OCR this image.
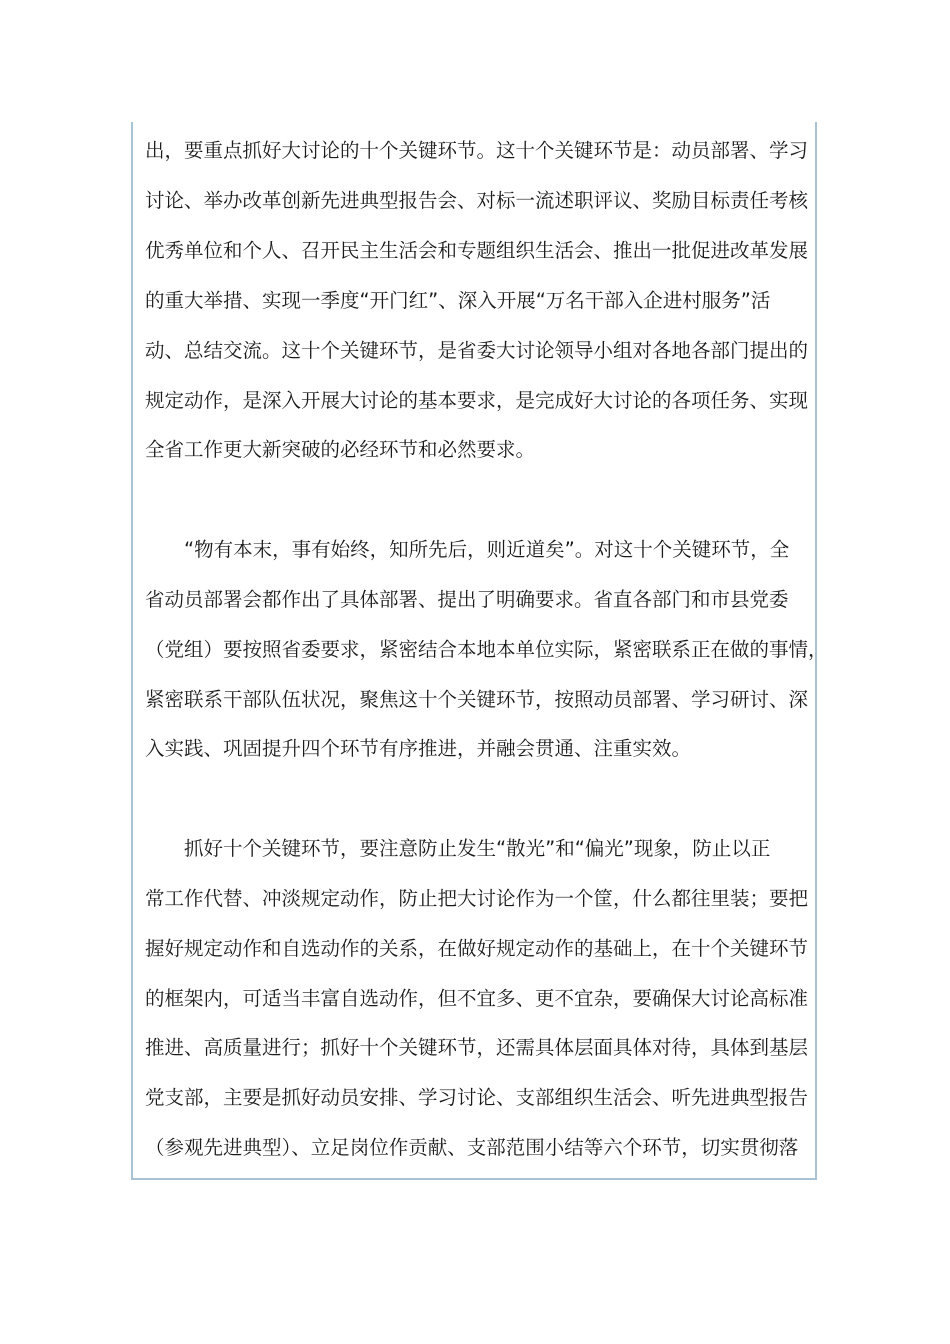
出，要重点抓好大讨论的十个关键环节。这十个关键环节是：动员部署、学习
讨论、举办改革创新先进典型报告会、对标一流述职评议、奖励目标责任考核
优秀单位和个人、召开民主生活会和专题组织生活会、推出一批促进改革发展
的重大举措、实现一季度“开门红”、深入开展“万名干部入企进村服务”活
动、总结交流。这十个关键环节，是省委大讨论领导小组对各地各部门提出的
规定动作，是深入开展大讨论的基本要求，是完成好大讨论的各项任务、实现
全省工作更大新突破的必经环节和必然要求。
　　“物有本末，事有始终，知所先后，则近道矣”。对这十个关键环节，全
省动员部署会都作出了具体部署、提出了明确要求。省直各部门和市县党委
（党组）要按照省委要求，紧密结合本地本单位实际，紧密联系正在做的事情，
紧密联系干部队伍状况，聚焦这十个关键环节，按照动员部署、学习研讨、深
入实践、巩固提升四个环节有序推进，并融会贯通、注重实效。
　　抓好十个关键环节，要注意防止发生“散光”和“偏光”现象，防止以正
常工作代替、冲淡规定动作，防止把大讨论作为一个筐，什么都往里装；要把
握好规定动作和自选动作的关系，在做好规定动作的基础上，在十个关键环节
的框架内，可适当丰富自选动作，但不宜多、更不宜杂，要确保大讨论高标准
推进、高质量进行；抓好十个关键环节，还需具体层面具体对待，具体到基层
党支部，主要是抓好动员安排、学习讨论、支部组织生活会、听先进典型报告
（参观先进典型）、立足岗位作贡献、支部范围小结等六个环节，切实贯彻落
